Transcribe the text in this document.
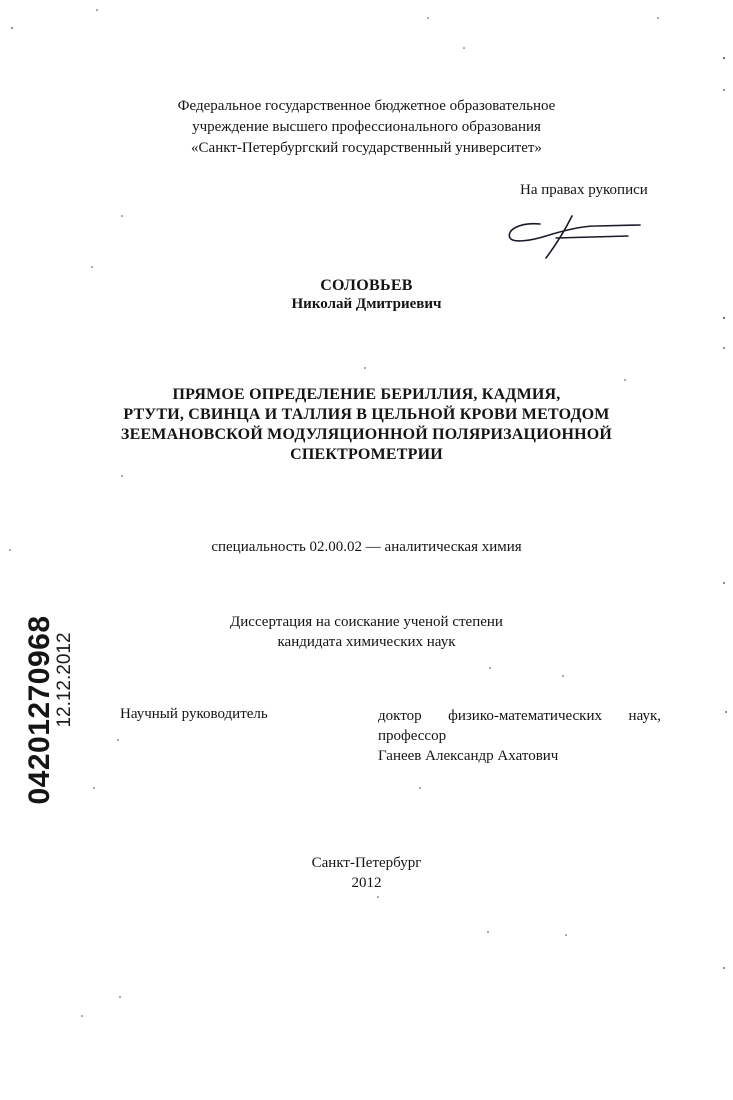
Федеральное государственное бюджетное образовательное
учреждение высшего профессионального образования
«Санкт-Петербургский государственный университет»
На правах рукописи
СОЛОВЬЕВ
Николай Дмитриевич
ПРЯМОЕ ОПРЕДЕЛЕНИЕ БЕРИЛЛИЯ, КАДМИЯ,
РТУТИ, СВИНЦА И ТАЛЛИЯ В ЦЕЛЬНОЙ КРОВИ МЕТОДОМ
ЗЕЕМАНОВСКОЙ МОДУЛЯЦИОННОЙ ПОЛЯРИЗАЦИОННОЙ
СПЕКТРОМЕТРИИ
специальность 02.00.02 — аналитическая химия
Диссертация на соискание ученой степени
кандидата химических наук
Научный руководитель	доктор физико-математических наук,
профессор
Ганеев Александр Ахатович
Санкт-Петербург
2012
04201270968
12.12.2012
